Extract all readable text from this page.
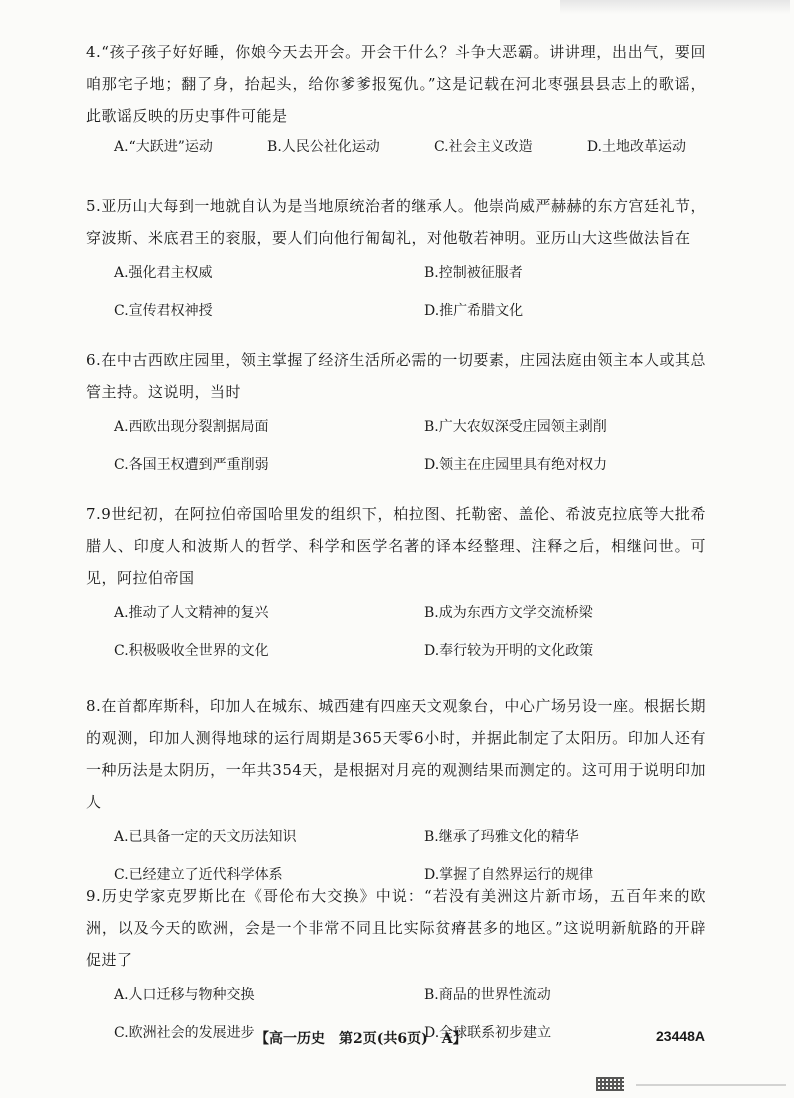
4.“孩子孩子好好睡，你娘今天去开会。开会干什么？斗争大恶霸。讲讲理，出出气，要回咱那宅子地；翻了身，抬起头，给你爹爹报冤仇。”这是记载在河北枣强县县志上的歌谣，此歌谣反映的历史事件可能是
A.“大跃进”运动	B.人民公社化运动	C.社会主义改造	D.土地改革运动
5.亚历山大每到一地就自认为是当地原统治者的继承人。他崇尚威严赫赫的东方宫廷礼节，穿波斯、米底君王的衮服，要人们向他行匍匐礼，对他敬若神明。亚历山大这些做法旨在
A.强化君主权威	B.控制被征服者
C.宣传君权神授	D.推广希腊文化
6.在中古西欧庄园里，领主掌握了经济生活所必需的一切要素，庄园法庭由领主本人或其总管主持。这说明，当时
A.西欧出现分裂割据局面	B.广大农奴深受庄园领主剥削
C.各国王权遭到严重削弱	D.领主在庄园里具有绝对权力
7.9世纪初，在阿拉伯帝国哈里发的组织下，柏拉图、托勒密、盖伦、希波克拉底等大批希腊人、印度人和波斯人的哲学、科学和医学名著的译本经整理、注释之后，相继问世。可见，阿拉伯帝国
A.推动了人文精神的复兴	B.成为东西方文学交流桥梁
C.积极吸收全世界的文化	D.奉行较为开明的文化政策
8.在首都库斯科，印加人在城东、城西建有四座天文观象台，中心广场另设一座。根据长期的观测，印加人测得地球的运行周期是365天零6小时，并据此制定了太阳历。印加人还有一种历法是太阴历，一年共354天，是根据对月亮的观测结果而测定的。这可用于说明印加人
A.已具备一定的天文历法知识	B.继承了玛雅文化的精华
C.已经建立了近代科学体系	D.掌握了自然界运行的规律
9.历史学家克罗斯比在《哥伦布大交换》中说：“若没有美洲这片新市场，五百年来的欧洲，以及今天的欧洲，会是一个非常不同且比实际贫瘠甚多的地区。”这说明新航路的开辟促进了
A.人口迁移与物种交换	B.商品的世界性流动
C.欧洲社会的发展进步	D.全球联系初步建立
【高一历史　第2页(共6页)　A】	23448A
